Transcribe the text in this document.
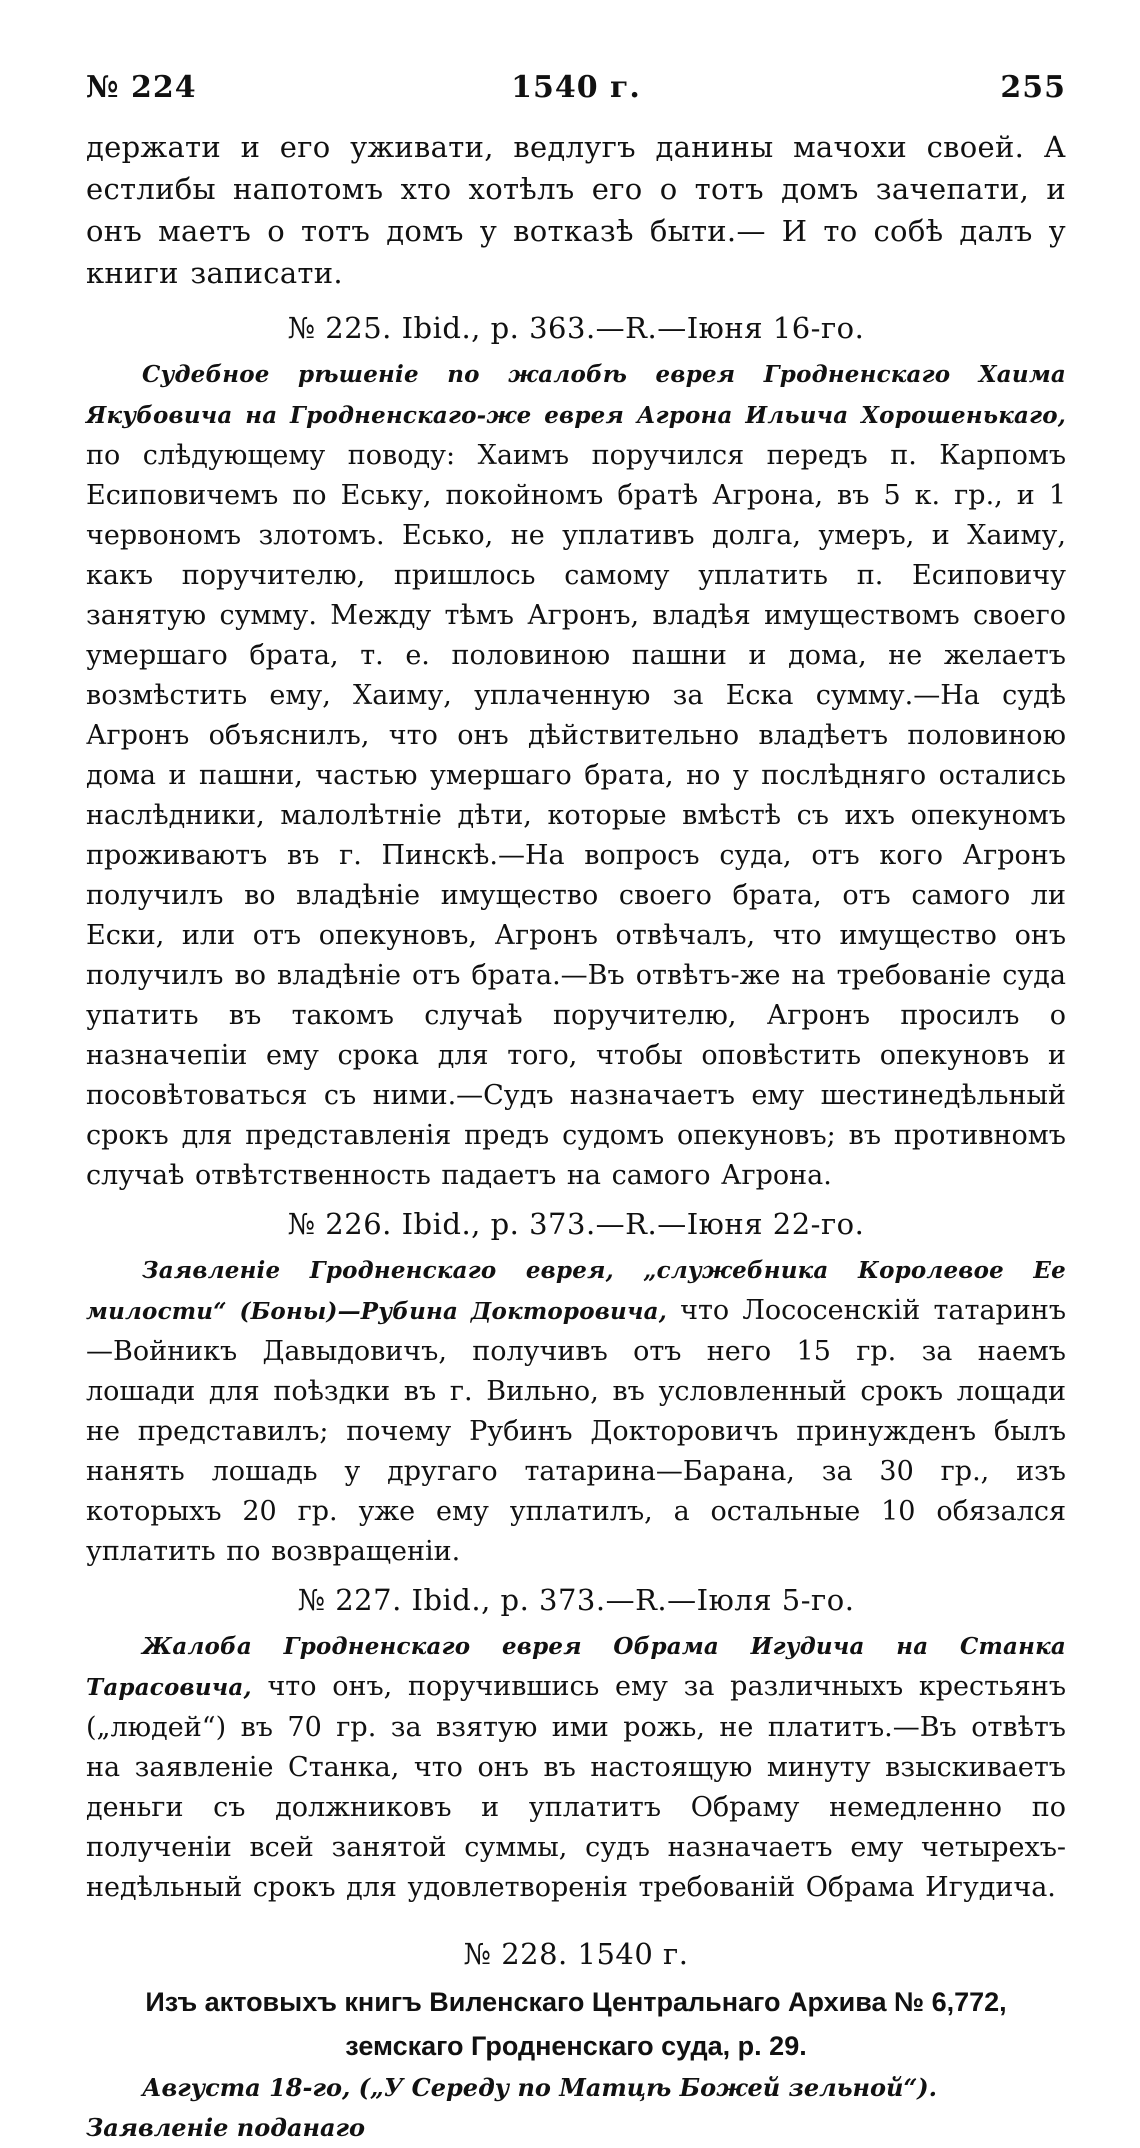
№ 224	1540 г.	255

держати и его уживати, ведлугъ данины мачохи своей. А естлибы напотомъ хто хотѣлъ его о тотъ домъ зачепати, и онъ маетъ о тотъ домъ у вотказѣ быти.— И то собѣ далъ у книги записати.

№ 225. Ibid., р. 363.—R.—Іюня 16-го.

Судебное рѣшеніе по жалобѣ еврея Гродненскаго Хаима Якубовича на Гродненскаго-же еврея Агрона Ильича Хорошенькаго, по слѣдующему поводу: Хаимъ поручился передъ п. Карпомъ Есиповичемъ по Еську, покойномъ братѣ Агрона, въ 5 к. гр., и 1 червономъ злотомъ. Есько, не уплативъ долга, умеръ, и Хаиму, какъ поручителю, пришлось самому уплатить п. Есиповичу занятую сумму. Между тѣмъ Агронъ, владѣя имуществомъ своего умершаго брата, т. е. половиною пашни и дома, не желаетъ возмѣстить ему, Хаиму, уплаченную за Еска сумму.—На судѣ Агронъ объяснилъ, что онъ дѣйствительно владѣетъ половиною дома и пашни, частью умершаго брата, но у послѣдняго остались наслѣдники, малолѣтніе дѣти, которые вмѣстѣ съ ихъ опекуномъ проживаютъ въ г. Пинскѣ.—На вопросъ суда, отъ кого Агронъ получилъ во владѣніе имущество своего брата, отъ самого ли Ески, или отъ опекуновъ, Агронъ отвѣчалъ, что имущество онъ получилъ во владѣніе отъ брата.—Въ отвѣтъ-же на требованіе суда упатить въ такомъ случаѣ поручителю, Агронъ просилъ о назначепіи ему срока для того, чтобы оповѣстить опекуновъ и посовѣтоваться съ ними.—Судъ назначаетъ ему шестинедѣльный срокъ для представленія предъ судомъ опекуновъ; въ противномъ случаѣ отвѣтственность падаетъ на самого Агрона.

№ 226. Ibid., р. 373.—R.—Іюня 22-го.

Заявленіе Гродненскаго еврея, „служебника Королевое Ее милости“ (Боны)—Рубина Докторовича, что Лососенскій татаринъ—Войникъ Давыдовичъ, получивъ отъ него 15 гр. за наемъ лошади для поѣздки въ г. Вильно, въ условленный срокъ лощади не представилъ; почему Рубинъ Докторовичъ принужденъ былъ нанять лошадь у другаго татарина—Барана, за 30 гр., изъ которыхъ 20 гр. уже ему уплатилъ, а остальные 10 обязался уплатить по возвращеніи.

№ 227. Ibid., р. 373.—R.—Іюля 5-го.

Жалоба Гродненскаго еврея Обрама Игудича на Станка Тарасовича, что онъ, поручившись ему за различныхъ крестьянъ („людей“) въ 70 гр. за взятую ими рожь, не платитъ.—Въ отвѣтъ на заявленіе Станка, что онъ въ настоящую минуту взыскиваетъ деньги съ должниковъ и уплатитъ Обраму немедленно по полученіи всей занятой суммы, судъ назначаетъ ему четырехънедѣльный срокъ для удовлетворенія требованій Обрама Игудича.

№ 228. 1540 г.

Изъ актовыхъ книгъ Виленскаго Центральнаго Архива № 6,772,

земскаго Гродненскаго суда, р. 29.

Августа 18-го, („У Середу по Матцѣ Божей зельной“). Заявленіе поданаго
